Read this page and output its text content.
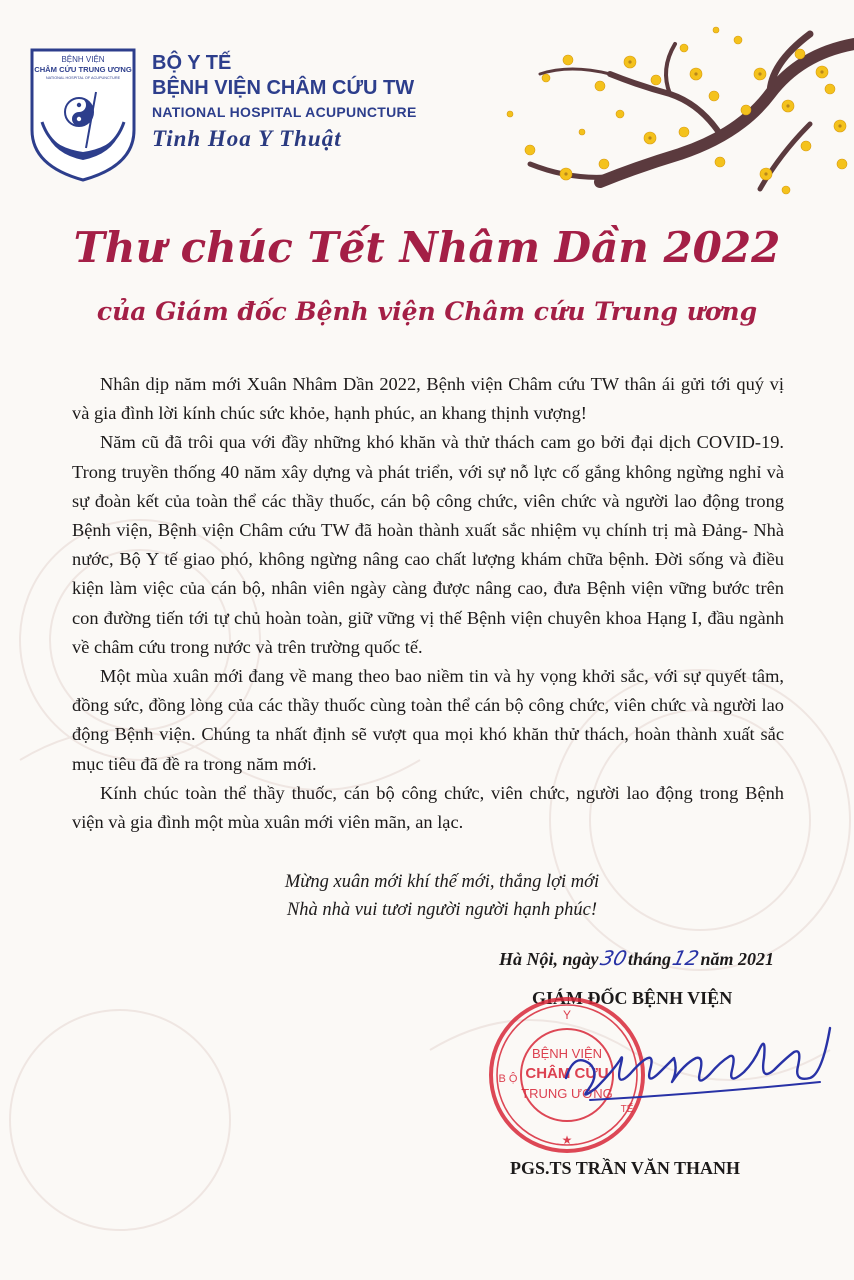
BỆNH VIỆN
CHÂM CỨU TRUNG ƯƠNG
NATIONAL HOSPITAL OF ACUPUNCTURE
BỘ Y TẾ
BỆNH VIỆN CHÂM CỨU TW
NATIONAL HOSPITAL ACUPUNCTURE
Tinh Hoa Y Thuật
Thư chúc Tết Nhâm Dần 2022
của Giám đốc Bệnh viện Châm cứu Trung ương

Nhân dịp năm mới Xuân Nhâm Dần 2022, Bệnh viện Châm cứu TW thân ái gửi tới quý vị và gia đình lời kính chúc sức khỏe, hạnh phúc, an khang thịnh vượng!

Năm cũ đã trôi qua với đầy những khó khăn và thử thách cam go bởi đại dịch COVID-19. Trong truyền thống 40 năm xây dựng và phát triển, với sự nỗ lực cố gắng không ngừng nghỉ và sự đoàn kết của toàn thể các thầy thuốc, cán bộ công chức, viên chức và người lao động trong Bệnh viện, Bệnh viện Châm cứu TW đã hoàn thành xuất sắc nhiệm vụ chính trị mà Đảng- Nhà nước, Bộ Y tế giao phó, không ngừng nâng cao chất lượng khám chữa bệnh. Đời sống và điều kiện làm việc của cán bộ, nhân viên ngày càng được nâng cao, đưa Bệnh viện vững bước trên con đường tiến tới tự chủ hoàn toàn, giữ vững vị thế Bệnh viện chuyên khoa Hạng I, đầu ngành về châm cứu trong nước và trên trường quốc tế.

Một mùa xuân mới đang về mang theo bao niềm tin và hy vọng khởi sắc, với sự quyết tâm, đồng sức, đồng lòng của các thầy thuốc cùng toàn thể cán bộ công chức, viên chức và người lao động Bệnh viện. Chúng ta nhất định sẽ vượt qua mọi khó khăn thử thách, hoàn thành xuất sắc mục tiêu đã đề ra trong năm mới.

Kính chúc toàn thể thầy thuốc, cán bộ công chức, viên chức, người lao động trong Bệnh viện và gia đình một mùa xuân mới viên mãn, an lạc.

Mừng xuân mới khí thế mới, thắng lợi mới
Nhà nhà vui tươi người người hạnh phúc!
Hà Nội, ngày30tháng12năm 2021
GIÁM ĐỐC BỆNH VIỆN
Y
B Ộ
TẾ
BỆNH VIỆN
CHÂM CỨU
TRUNG ƯƠNG
★
PGS.TS TRẦN VĂN THANH
